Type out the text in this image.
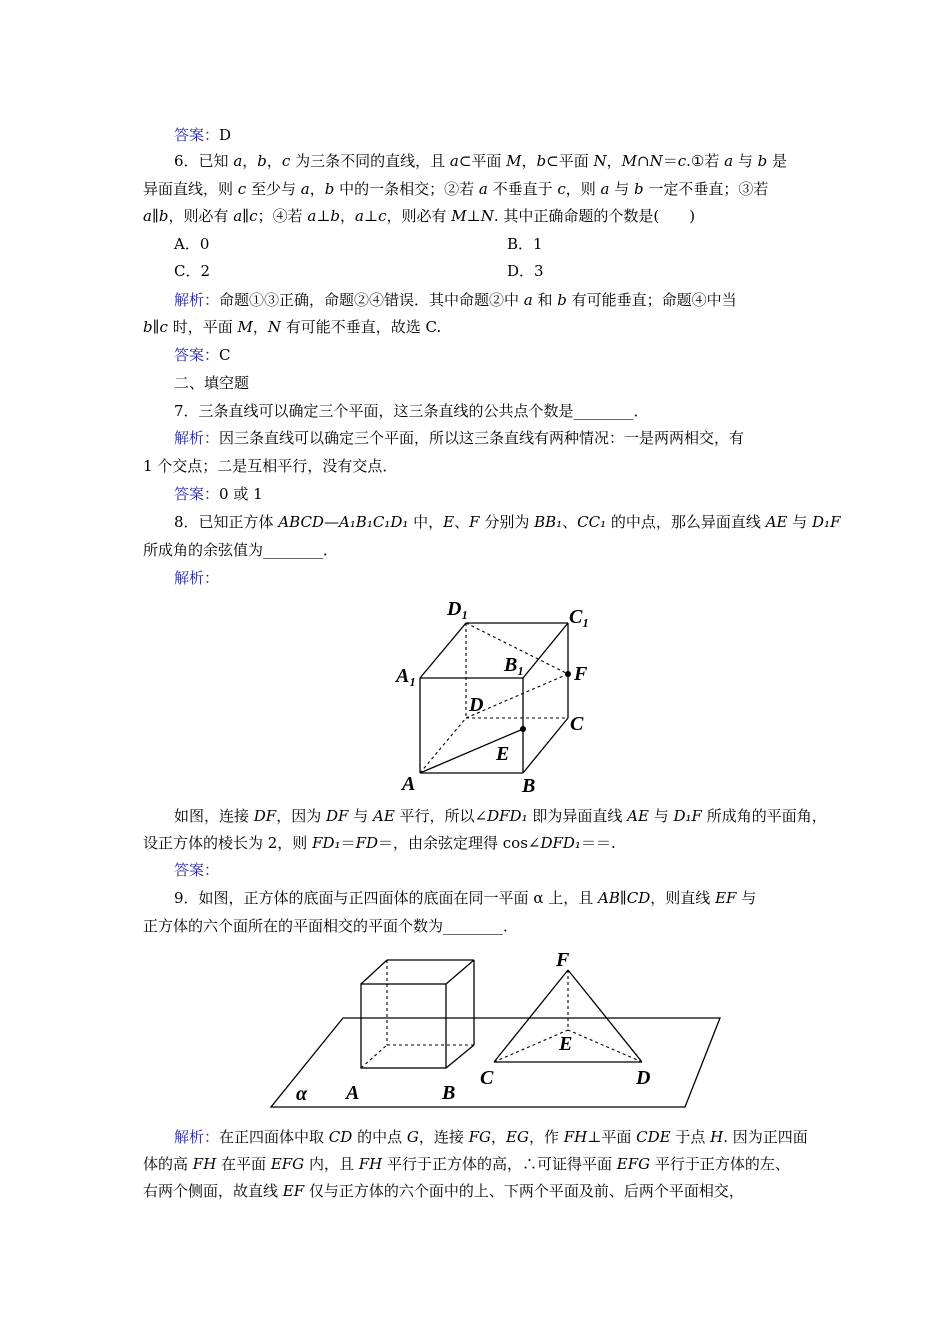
答案：D
6．已知 a，b，c 为三条不同的直线，且 a⊂平面 M，b⊂平面 N，M∩N＝c.①若 a 与 b 是
异面直线，则 c 至少与 a，b 中的一条相交；②若 a 不垂直于 c，则 a 与 b 一定不垂直；③若
a∥b，则必有 a∥c；④若 a⊥b，a⊥c，则必有 M⊥N. 其中正确命题的个数是(　　)
A．0	B．1
C．2	D．3
解析：命题①③正确，命题②④错误．其中命题②中 a 和 b 有可能垂直；命题④中当
b∥c 时，平面 M，N 有可能不垂直，故选 C.
答案：C
二、填空题
7．三条直线可以确定三个平面，这三条直线的公共点个数是________．
解析：因三条直线可以确定三个平面，所以这三条直线有两种情况：一是两两相交，有
1 个交点；二是互相平行，没有交点．
答案：0 或 1
8．已知正方体 ABCD—A₁B₁C₁D₁ 中，E、F 分别为 BB₁、CC₁ 的中点，那么异面直线 AE 与 D₁F
所成角的余弦值为________．
解析：
D₁	C₁
A₁	B₁ F
D
C
E
A	B
如图，连接 DF，因为 DF 与 AE 平行，所以∠DFD₁ 即为异面直线 AE 与 D₁F 所成角的平面角，
设正方体的棱长为 2，则 FD₁＝FD＝，由余弦定理得 cos∠DFD₁＝＝.
答案：
9．如图，正方体的底面与正四面体的底面在同一平面 α 上，且 AB∥CD，则直线 EF 与
正方体的六个面所在的平面相交的平面个数为________．
α A	B
C	D
E
F
解析：在正四面体中取 CD 的中点 G，连接 FG，EG，作 FH⊥平面 CDE 于点 H. 因为正四面
体的高 FH 在平面 EFG 内，且 FH 平行于正方体的高，∴可证得平面 EFG 平行于正方体的左、
右两个侧面，故直线 EF 仅与正方体的六个面中的上、下两个平面及前、后两个平面相交，
